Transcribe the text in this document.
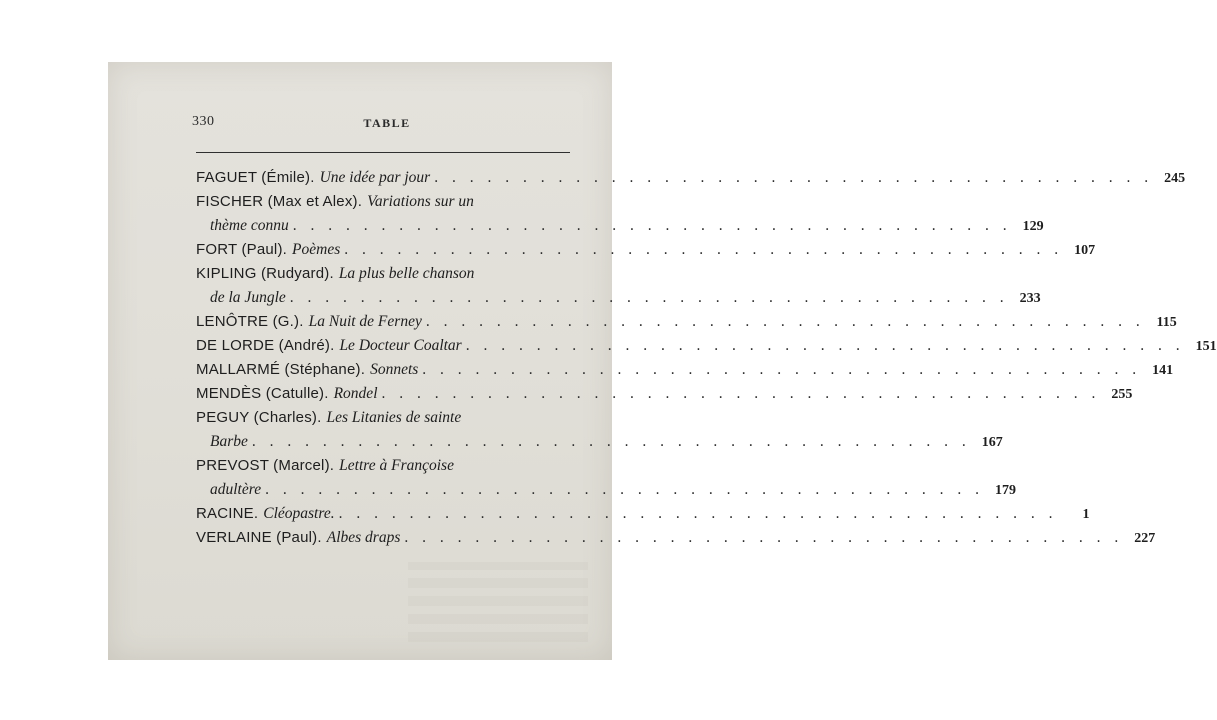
330	TABLE
FAGUET (Émile). Une idée par jour . . . . . . . . . . . . . . . . . . . . . . . . . . . . . . . . . . . . . . . . . 245
FISCHER (Max et Alex). Variations sur un
thème connu . . . . . . . . . . . . . . . . . . . . . . . . . . . . . . . . . . . . . . . . . 129
FORT (Paul). Poèmes . . . . . . . . . . . . . . . . . . . . . . . . . . . . . . . . . . . . . . . . . 107
KIPLING (Rudyard). La plus belle chanson
de la Jungle . . . . . . . . . . . . . . . . . . . . . . . . . . . . . . . . . . . . . . . . . 233
LENÔTRE (G.). La Nuit de Ferney . . . . . . . . . . . . . . . . . . . . . . . . . . . . . . . . . . . . . . . . . 115
DE LORDE (André). Le Docteur Coaltar . . . . . . . . . . . . . . . . . . . . . . . . . . . . . . . . . . . . . . . . . 151
MALLARMÉ (Stéphane). Sonnets . . . . . . . . . . . . . . . . . . . . . . . . . . . . . . . . . . . . . . . . . 141
MENDÈS (Catulle). Rondel . . . . . . . . . . . . . . . . . . . . . . . . . . . . . . . . . . . . . . . . . 255
PEGUY (Charles). Les Litanies de sainte
Barbe . . . . . . . . . . . . . . . . . . . . . . . . . . . . . . . . . . . . . . . . . 167
PREVOST (Marcel). Lettre à Françoise
adultère . . . . . . . . . . . . . . . . . . . . . . . . . . . . . . . . . . . . . . . . . 179
RACINE. Cléopastre. . . . . . . . . . . . . . . . . . . . . . . . . . . . . . . . . . . . . . . . . .	1
VERLAINE (Paul). Albes draps . . . . . . . . . . . . . . . . . . . . . . . . . . . . . . . . . . . . . . . . . 227
